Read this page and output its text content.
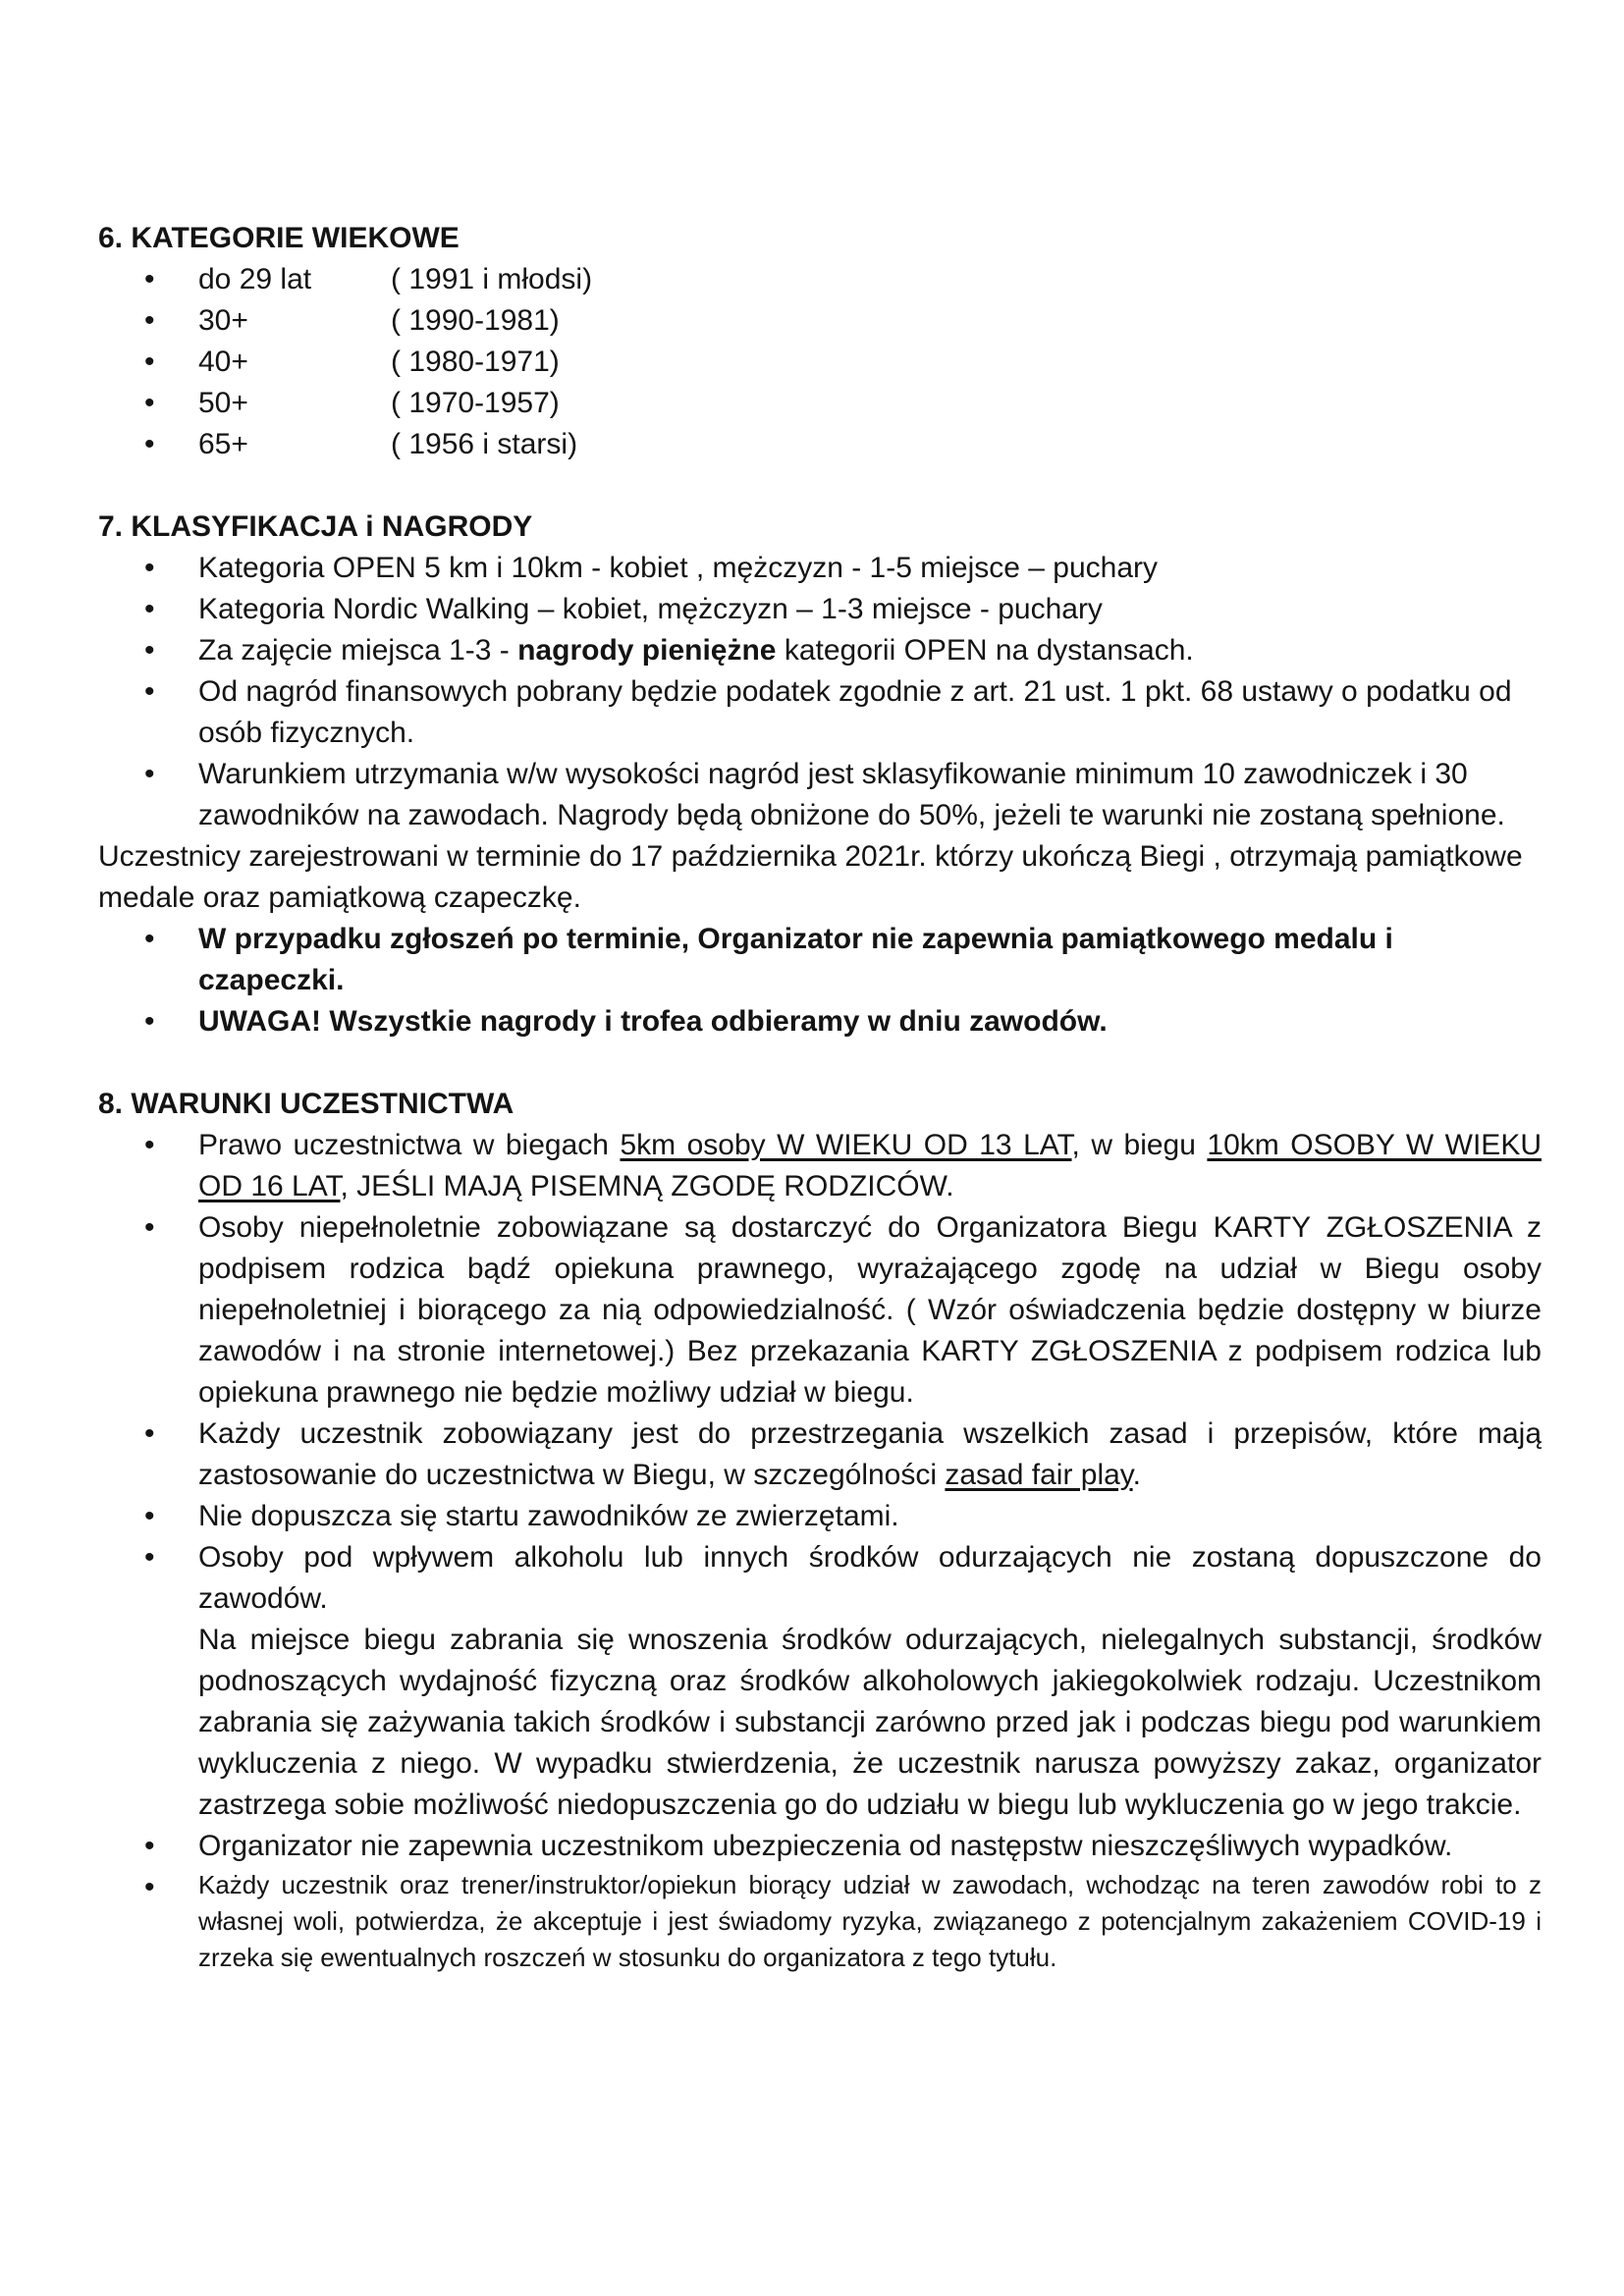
6. KATEGORIE WIEKOWE
• do 29 lat	( 1991 i młodsi)
• 30+	( 1990-1981)
• 40+	( 1980-1971)
• 50+	( 1970-1957)
• 65+	( 1956 i starsi)
7. KLASYFIKACJA i NAGRODY
• Kategoria OPEN 5 km i 10km - kobiet , mężczyzn - 1-5 miejsce – puchary
• Kategoria Nordic Walking – kobiet, mężczyzn – 1-3 miejsce - puchary
• Za zajęcie miejsca 1-3 - nagrody pieniężne kategorii OPEN na dystansach.
• Od nagród finansowych pobrany będzie podatek zgodnie z art. 21 ust. 1 pkt. 68 ustawy o podatku od osób fizycznych.
• Warunkiem utrzymania w/w wysokości nagród jest sklasyfikowanie minimum 10 zawodniczek i 30 zawodników na zawodach. Nagrody będą obniżone do 50%, jeżeli te warunki nie zostaną spełnione.

Uczestnicy zarejestrowani w terminie do 17 października 2021r. którzy ukończą Biegi , otrzymają pamiątkowe medale oraz pamiątkową czapeczkę.

• W przypadku zgłoszeń po terminie, Organizator nie zapewnia pamiątkowego medalu i czapeczki.
• UWAGA! Wszystkie nagrody i trofea odbieramy w dniu zawodów.
8. WARUNKI UCZESTNICTWA
• Prawo uczestnictwa w biegach 5km osoby W WIEKU OD 13 LAT, w biegu 10km OSOBY W WIEKU OD 16 LAT, JEŚLI MAJĄ PISEMNĄ ZGODĘ RODZICÓW.
• Osoby niepełnoletnie zobowiązane są dostarczyć do Organizatora Biegu KARTY ZGŁOSZENIA z podpisem rodzica bądź opiekuna prawnego, wyrażającego zgodę na udział w Biegu osoby niepełnoletniej i biorącego za nią odpowiedzialność. ( Wzór oświadczenia będzie dostępny w biurze zawodów i na stronie internetowej.) Bez przekazania KARTY ZGŁOSZENIA z podpisem rodzica lub opiekuna prawnego nie będzie możliwy udział w biegu.
• Każdy uczestnik zobowiązany jest do przestrzegania wszelkich zasad i przepisów, które mają zastosowanie do uczestnictwa w Biegu, w szczególności zasad fair play.
• Nie dopuszcza się startu zawodników ze zwierzętami.
• Osoby pod wpływem alkoholu lub innych środków odurzających nie zostaną dopuszczone do zawodów.

Na miejsce biegu zabrania się wnoszenia środków odurzających, nielegalnych substancji, środków podnoszących wydajność fizyczną oraz środków alkoholowych jakiegokolwiek rodzaju. Uczestnikom zabrania się zażywania takich środków i substancji zarówno przed jak i podczas biegu pod warunkiem wykluczenia z niego. W wypadku stwierdzenia, że uczestnik narusza powyższy zakaz, organizator zastrzega sobie możliwość niedopuszczenia go do udziału w biegu lub wykluczenia go w jego trakcie.

• Organizator nie zapewnia uczestnikom ubezpieczenia od następstw nieszczęśliwych wypadków.
• Każdy uczestnik oraz trener/instruktor/opiekun biorący udział w zawodach, wchodząc na teren zawodów robi to z własnej woli, potwierdza, że akceptuje i jest świadomy ryzyka, związanego z potencjalnym zakażeniem COVID-19 i zrzeka się ewentualnych roszczeń w stosunku do organizatora z tego tytułu.
